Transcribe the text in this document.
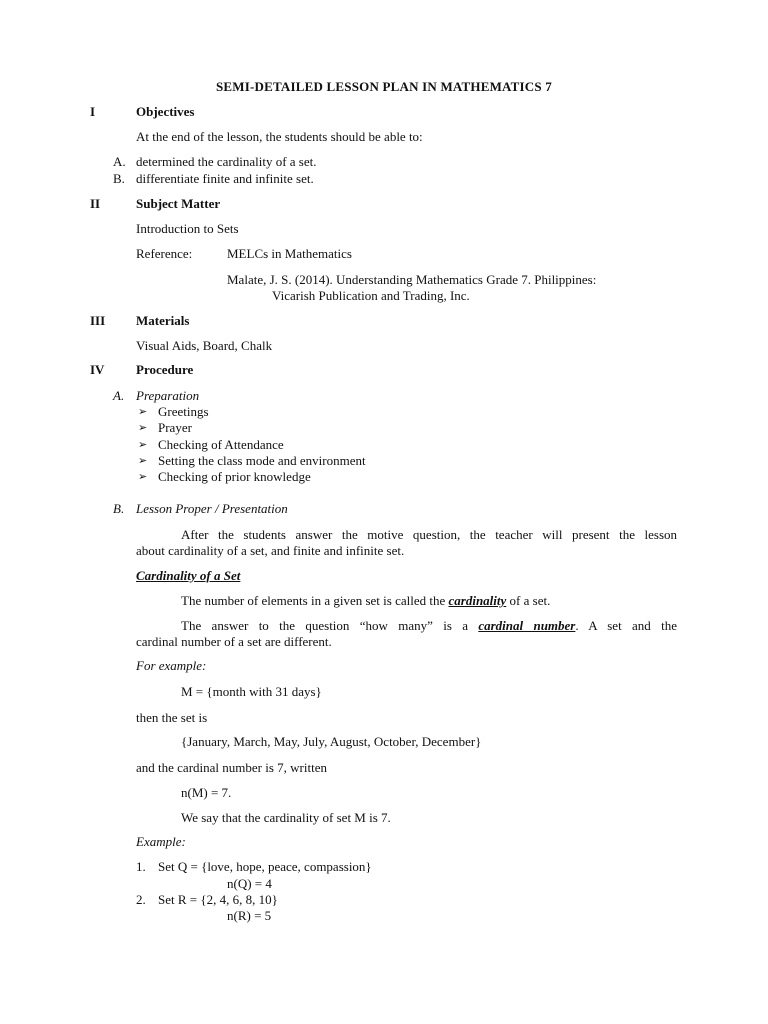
SEMI-DETAILED LESSON PLAN IN MATHEMATICS 7
I	Objectives
At the end of the lesson, the students should be able to:
A. determined the cardinality of a set.
B. differentiate finite and infinite set.
II	Subject Matter
Introduction to Sets
Reference:	MELCs in Mathematics
Malate, J. S. (2014). Understanding Mathematics Grade 7. Philippines:
Vicarish Publication and Trading, Inc.
III Materials
Visual Aids, Board, Chalk
IV Procedure
A. Preparation
➢ Greetings
➢ Prayer
➢ Checking of Attendance
➢ Setting the class mode and environment
➢ Checking of prior knowledge
B. Lesson Proper / Presentation
After the students answer the motive question, the teacher will present the lesson
about cardinality of a set, and finite and infinite set.
Cardinality of a Set
The number of elements in a given set is called the cardinality of a set.
The answer to the question “how many” is a cardinal number. A set and the
cardinal number of a set are different.
For example:
M = {month with 31 days}
then the set is
{January, March, May, July, August, October, December}
and the cardinal number is 7, written
n(M) = 7.
We say that the cardinality of set M is 7.
Example:
1. Set Q = {love, hope, peace, compassion}
n(Q) = 4
2. Set R = {2, 4, 6, 8, 10}
n(R) = 5
